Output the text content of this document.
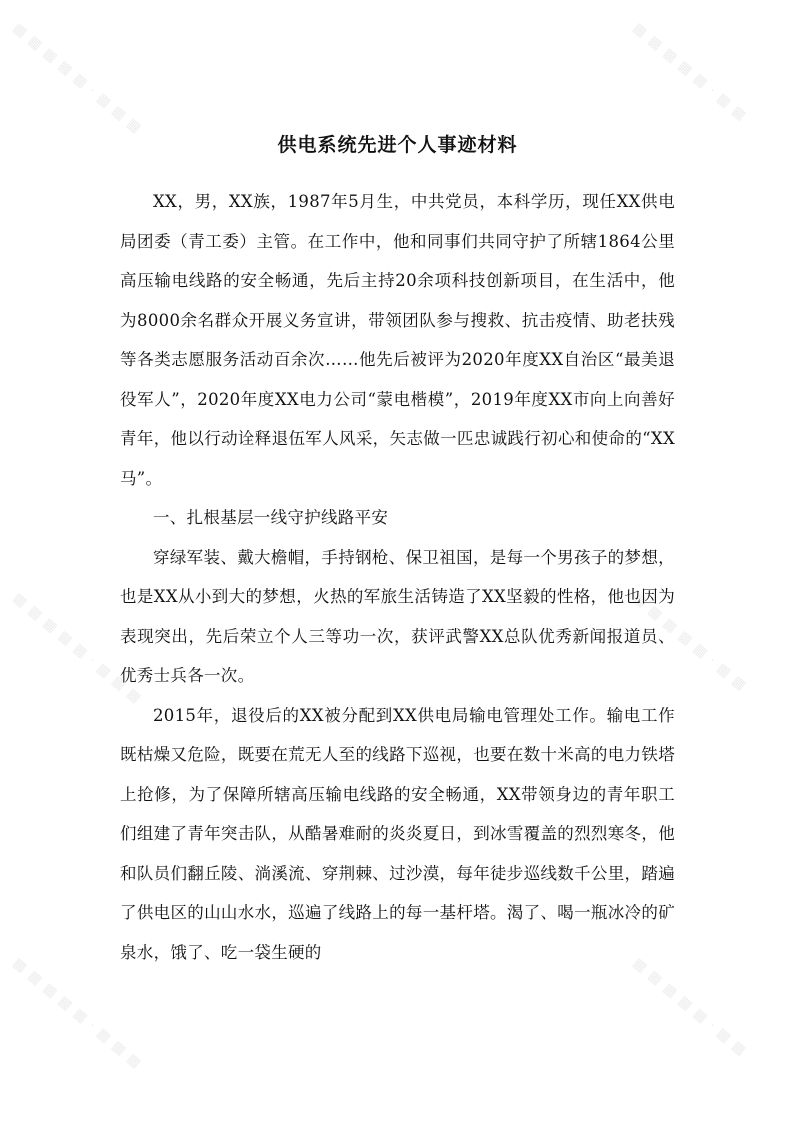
▦ ▦ ▦ ▦ ▦ · ▦ ▦ ▦
▦ ▦ ▦ ▦ ▦ · ▦ ▦ ▦
▦ ▦ ▦ ▦ ▦ · ▦ ▦ ▦
▦ ▦ ▦ ▦ ▦ · ▦ ▦
▦ ▦ ▦ ▦ ▦ · ▦ ▦
▦ ▦ ▦ ▦ ▦ · ▦ ▦
供电系统先进个人事迹材料

XX，男，XX族，1987年5月生，中共党员，本科学历，现任XX供电局团委（青工委）主管。在工作中，他和同事们共同守护了所辖1864公里高压输电线路的安全畅通，先后主持20余项科技创新项目，在生活中，他为8000余名群众开展义务宣讲，带领团队参与搜救、抗击疫情、助老扶残等各类志愿服务活动百余次……他先后被评为2020年度XX自治区“最美退役军人”，2020年度XX电力公司“蒙电楷模”，2019年度XX市向上向善好青年，他以行动诠释退伍军人风采，矢志做一匹忠诚践行初心和使命的“XX马”。

一、扎根基层一线守护线路平安

穿绿军装、戴大檐帽，手持钢枪、保卫祖国，是每一个男孩子的梦想，也是XX从小到大的梦想，火热的军旅生活铸造了XX坚毅的性格，他也因为表现突出，先后荣立个人三等功一次，获评武警XX总队优秀新闻报道员、优秀士兵各一次。

2015年，退役后的XX被分配到XX供电局输电管理处工作。输电工作既枯燥又危险，既要在荒无人至的线路下巡视，也要在数十米高的电力铁塔上抢修，为了保障所辖高压输电线路的安全畅通，XX带领身边的青年职工们组建了青年突击队，从酷暑难耐的炎炎夏日，到冰雪覆盖的烈烈寒冬，他和队员们翻丘陵、淌溪流、穿荆棘、过沙漠，每年徒步巡线数千公里，踏遍了供电区的山山水水，巡遍了线路上的每一基杆塔。渴了、喝一瓶冰冷的矿泉水，饿了、吃一袋生硬的
